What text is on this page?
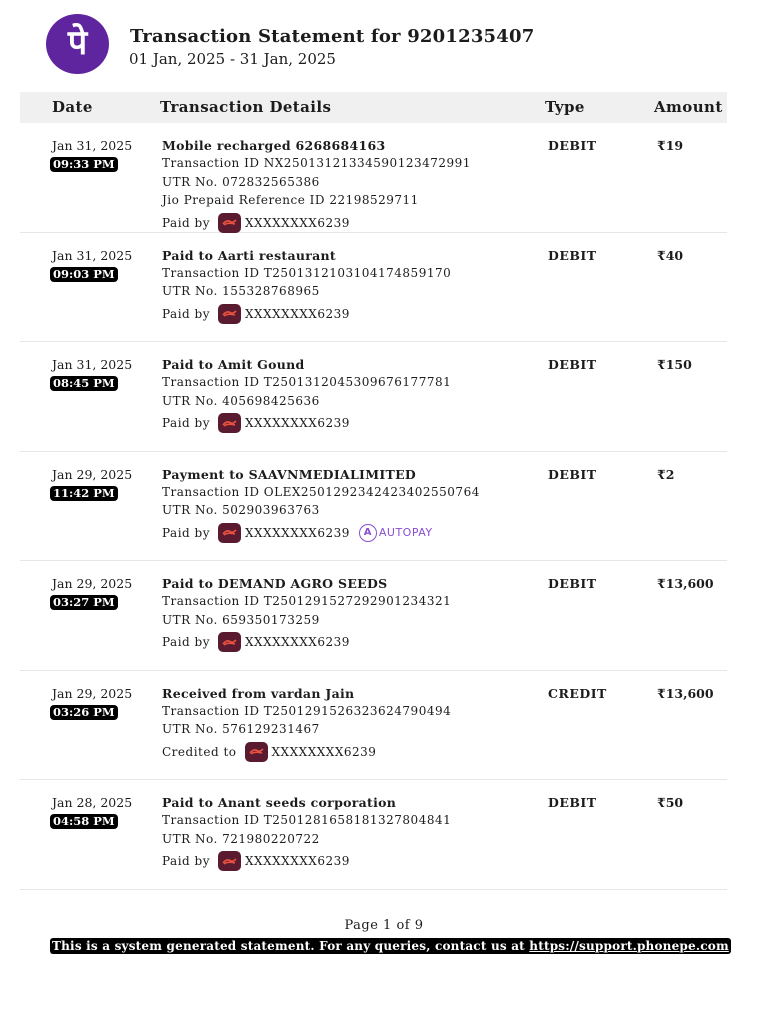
पे Transaction Statement for 9201235407
01 Jan, 2025 - 31 Jan, 2025
Date	Transaction Details	Type	Amount
Jan 31, 2025
09:33 PM
Mobile recharged 6268684163
Transaction ID NX25013121334590123472991
UTR No. 072832565386
Jio Prepaid Reference ID 22198529711
Paid by	XXXXXXXX6239
DEBIT	₹19
Jan 31, 2025
09:03 PM
Paid to Aarti restaurant
Transaction ID T2501312103104174859170
UTR No. 155328768965
Paid by	XXXXXXXX6239
DEBIT	₹40
Jan 31, 2025
08:45 PM
Paid to Amit Gound
Transaction ID T2501312045309676177781
UTR No. 405698425636
Paid by	XXXXXXXX6239
DEBIT	₹150
Jan 29, 2025
11:42 PM
Payment to SAAVNMEDIALIMITED
Transaction ID OLEX2501292342423402550764
UTR No. 502903963763
Paid by	XXXXXXXX6239	A AUTOPAY
DEBIT	₹2
Jan 29, 2025
03:27 PM
Paid to DEMAND AGRO SEEDS
Transaction ID T2501291527292901234321
UTR No. 659350173259
Paid by	XXXXXXXX6239
DEBIT	₹13,600
Jan 29, 2025
03:26 PM
Received from vardan Jain
Transaction ID T2501291526323624790494
UTR No. 576129231467
Credited to	XXXXXXXX6239
CREDIT	₹13,600
Jan 28, 2025
04:58 PM
Paid to Anant seeds corporation
Transaction ID T2501281658181327804841
UTR No. 721980220722
Paid by	XXXXXXXX6239
DEBIT	₹50
Page 1 of 9
This is a system generated statement. For any queries, contact us at https://support.phonepe.com
